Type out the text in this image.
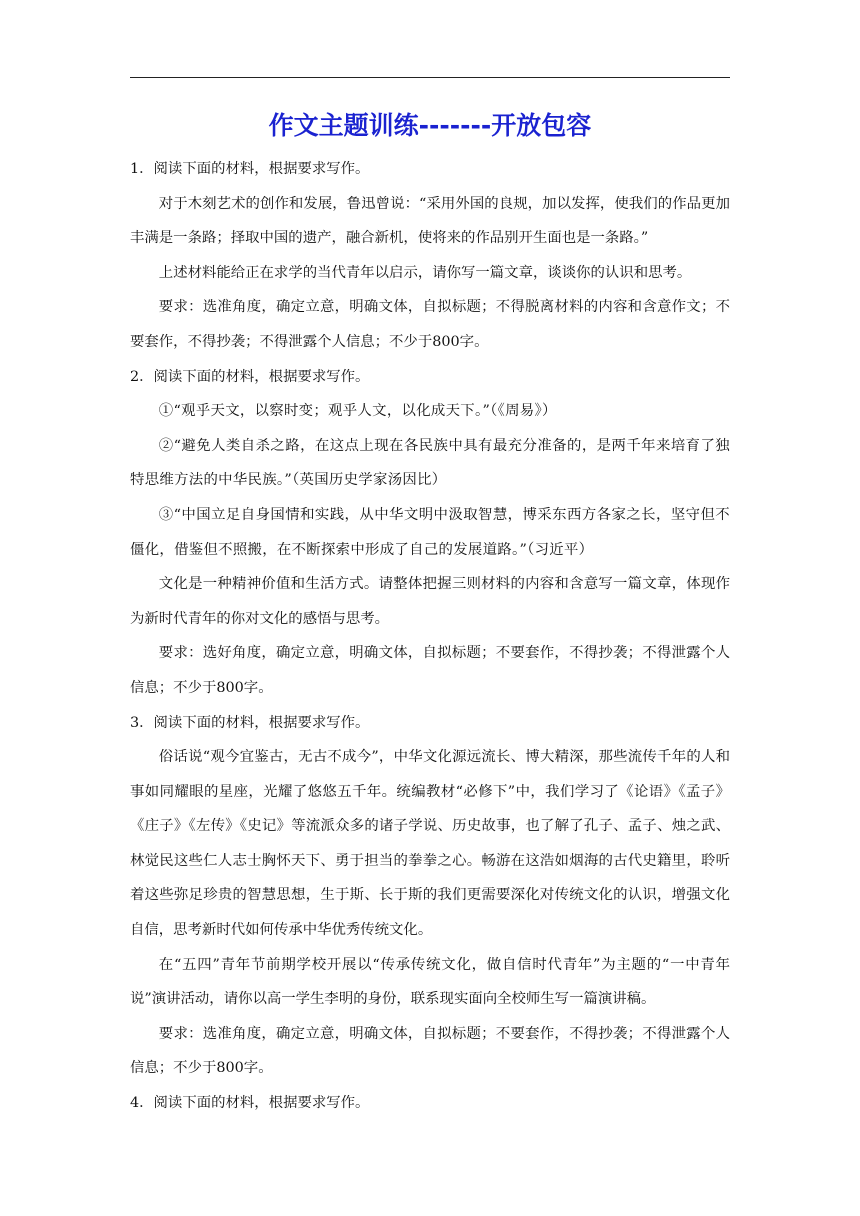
作文主题训练-------开放包容

1．阅读下面的材料，根据要求写作。

对于木刻艺术的创作和发展，鲁迅曾说：“采用外国的良规，加以发挥，使我们的作品更加丰满是一条路；择取中国的遗产，融合新机，使将来的作品别开生面也是一条路。”

上述材料能给正在求学的当代青年以启示，请你写一篇文章，谈谈你的认识和思考。

要求：选准角度，确定立意，明确文体，自拟标题；不得脱离材料的内容和含意作文；不要套作，不得抄袭；不得泄露个人信息；不少于800字。

2．阅读下面的材料，根据要求写作。

①“观乎天文，以察时变；观乎人文，以化成天下。”（《周易》）

②“避免人类自杀之路，在这点上现在各民族中具有最充分准备的，是两千年来培育了独特思维方法的中华民族。”（英国历史学家汤因比）

③“中国立足自身国情和实践，从中华文明中汲取智慧，博采东西方各家之长，坚守但不僵化，借鉴但不照搬，在不断探索中形成了自己的发展道路。”（习近平）

文化是一种精神价值和生活方式。请整体把握三则材料的内容和含意写一篇文章，体现作为新时代青年的你对文化的感悟与思考。

要求：选好角度，确定立意，明确文体，自拟标题；不要套作，不得抄袭；不得泄露个人信息；不少于800字。

3．阅读下面的材料，根据要求写作。

俗话说“观今宜鉴古，无古不成今”，中华文化源远流长、博大精深，那些流传千年的人和事如同耀眼的星座，光耀了悠悠五千年。统编教材“必修下”中，我们学习了《论语》《孟子》《庄子》《左传》《史记》等流派众多的诸子学说、历史故事，也了解了孔子、孟子、烛之武、林觉民这些仁人志士胸怀天下、勇于担当的拳拳之心。畅游在这浩如烟海的古代史籍里，聆听着这些弥足珍贵的智慧思想，生于斯、长于斯的我们更需要深化对传统文化的认识，增强文化自信，思考新时代如何传承中华优秀传统文化。

在“五四”青年节前期学校开展以“传承传统文化，做自信时代青年”为主题的“一中青年说”演讲活动，请你以高一学生李明的身份，联系现实面向全校师生写一篇演讲稿。

要求：选准角度，确定立意，明确文体，自拟标题；不要套作，不得抄袭；不得泄露个人信息；不少于800字。

4．阅读下面的材料，根据要求写作。
